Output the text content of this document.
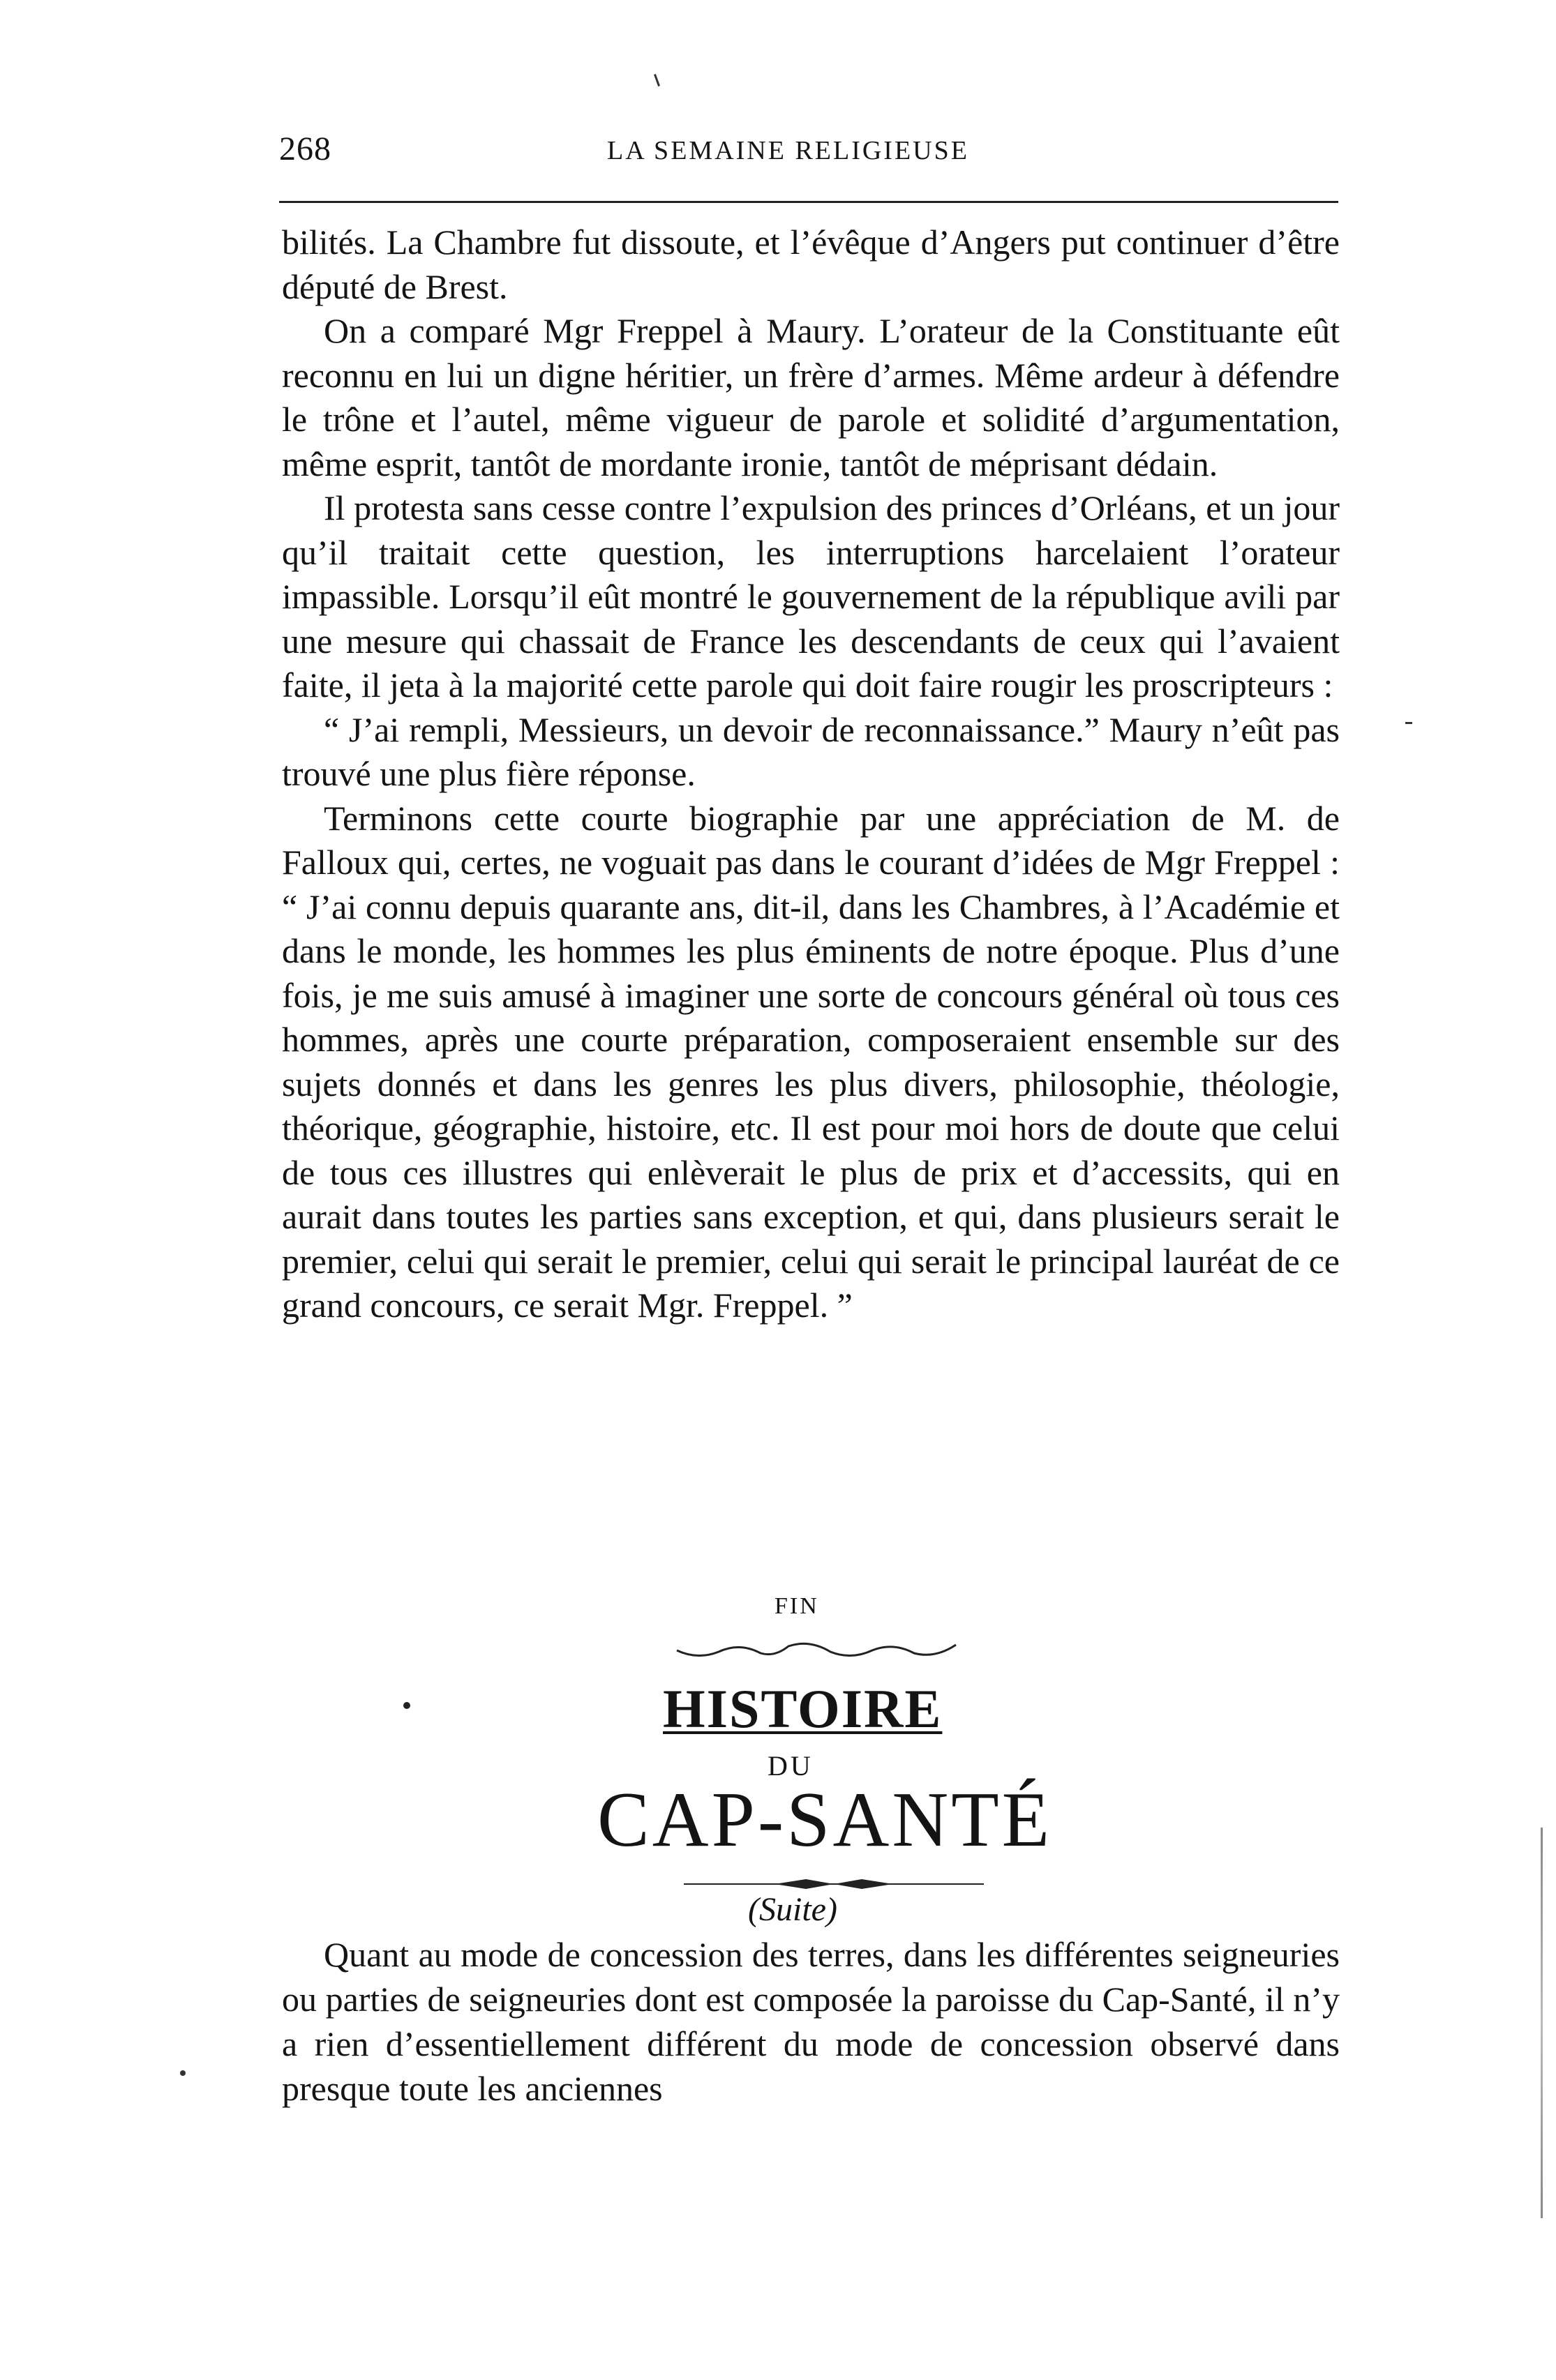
268	LA SEMAINE RELIGIEUSE

bilités. La Chambre fut dissoute, et l’évêque d’Angers put continuer d’être député de Brest.

On a comparé Mgr Freppel à Maury. L’orateur de la Constituante eût reconnu en lui un digne héritier, un frère d’armes. Même ardeur à défendre le trône et l’autel, même vigueur de parole et solidité d’argumentation, même esprit, tantôt de mordante ironie, tantôt de méprisant dédain.

Il protesta sans cesse contre l’expulsion des princes d’Orléans, et un jour qu’il traitait cette question, les interruptions harcelaient l’orateur impassible. Lorsqu’il eût montré le gouvernement de la république avili par une mesure qui chassait de France les descendants de ceux qui l’avaient faite, il jeta à la majorité cette parole qui doit faire rougir les proscripteurs :

“ J’ai rempli, Messieurs, un devoir de reconnaissance.” Maury n’eût pas trouvé une plus fière réponse.

Terminons cette courte biographie par une appréciation de M. de Falloux qui, certes, ne voguait pas dans le courant d’idées de Mgr Freppel : “ J’ai connu depuis quarante ans, dit-il, dans les Chambres, à l’Académie et dans le monde, les hommes les plus éminents de notre époque. Plus d’une fois, je me suis amusé à imaginer une sorte de concours général où tous ces hommes, après une courte préparation, composeraient ensemble sur des sujets donnés et dans les genres les plus divers, philosophie, théologie, théorique, géographie, histoire, etc. Il est pour moi hors de doute que celui de tous ces illustres qui enlèverait le plus de prix et d’accessits, qui en aurait dans toutes les parties sans exception, et qui, dans plusieurs serait le premier, celui qui serait le premier, celui qui serait le principal lauréat de ce grand concours, ce serait Mgr. Freppel. ”

FIN
HISTOIRE
DU
CAP-SANTÉ
(Suite)

Quant au mode de concession des terres, dans les différentes seigneuries ou parties de seigneuries dont est composée la paroisse du Cap-Santé, il n’y a rien d’essentiellement différent du mode de concession observé dans presque toute les anciennes
